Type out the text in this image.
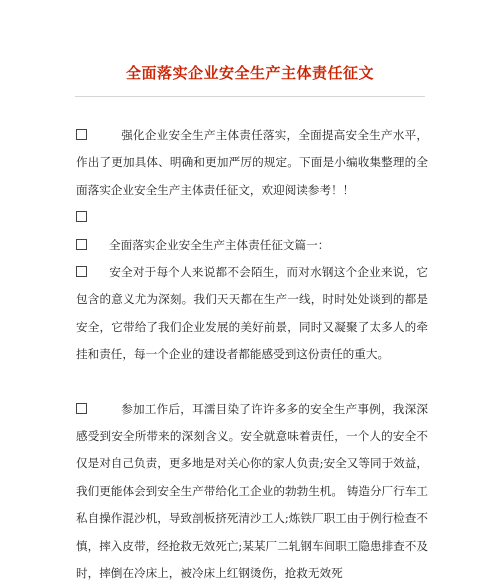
全面落实企业安全生产主体责任征文

强化企业安全生产主体责任落实，全面提高安全生产水平，作出了更加具体、明确和更加严厉的规定。下面是小编收集整理的全面落实企业安全生产主体责任征文，欢迎阅读参考！！

全面落实企业安全生产主体责任征文篇一：

安全对于每个人来说都不会陌生，而对水钢这个企业来说，它包含的意义尤为深刻。我们天天都在生产一线，时时处处谈到的都是安全，它带给了我们企业发展的美好前景，同时又凝聚了太多人的牵挂和责任，每一个企业的建设者都能感受到这份责任的重大。

参加工作后，耳濡目染了许许多多的安全生产事例，我深深感受到安全所带来的深刻含义。安全就意味着责任，一个人的安全不仅是对自己负责，更多地是对关心你的家人负责;安全又等同于效益，我们更能体会到安全生产带给化工企业的勃勃生机。 铸造分厂行车工私自操作混沙机，导致剖板挤死清沙工人;炼铁厂职工由于例行检查不慎，摔入皮带，经抢救无效死亡;某某厂二轧钢车间职工隐患排查不及时，摔倒在冷床上，被冷床上红钢烫伤，抢救无效死
